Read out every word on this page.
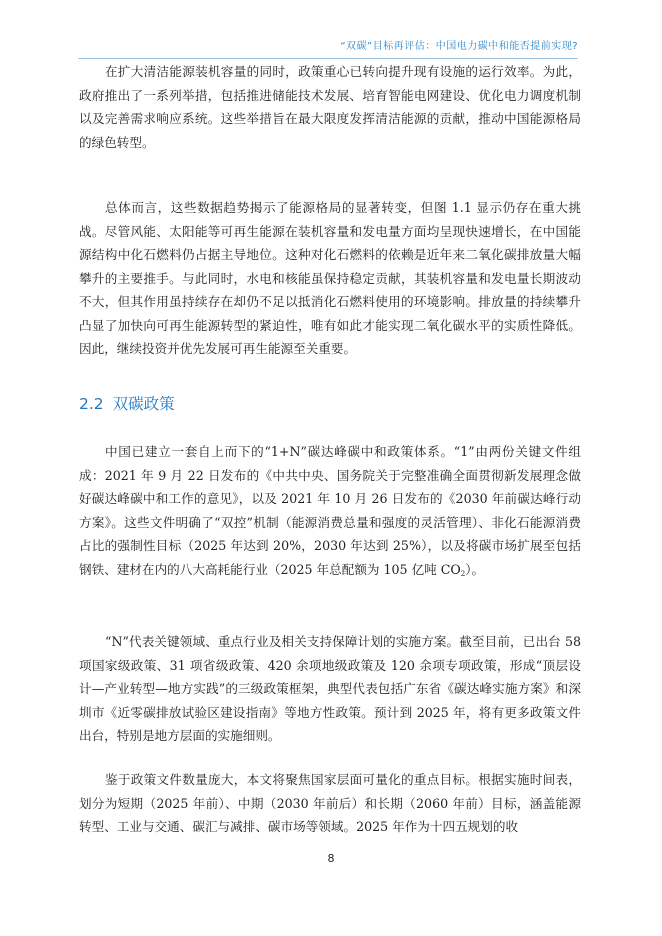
“双碳”目标再评估：中国电力碳中和能否提前实现?

在扩大清洁能源装机容量的同时，政策重心已转向提升现有设施的运行效率。为此，政府推出了一系列举措，包括推进储能技术发展、培育智能电网建设、优化电力调度机制以及完善需求响应系统。这些举措旨在最大限度发挥清洁能源的贡献，推动中国能源格局的绿色转型。

总体而言，这些数据趋势揭示了能源格局的显著转变，但图 1.1 显示仍存在重大挑战。尽管风能、太阳能等可再生能源在装机容量和发电量方面均呈现快速增长，在中国能源结构中化石燃料仍占据主导地位。这种对化石燃料的依赖是近年来二氧化碳排放量大幅攀升的主要推手。与此同时，水电和核能虽保持稳定贡献，其装机容量和发电量长期波动不大，但其作用虽持续存在却仍不足以抵消化石燃料使用的环境影响。排放量的持续攀升凸显了加快向可再生能源转型的紧迫性，唯有如此才能实现二氧化碳水平的实质性降低。因此，继续投资并优先发展可再生能源至关重要。

2.2 双碳政策

中国已建立一套自上而下的“1+N”碳达峰碳中和政策体系。“1”由两份关键文件组成：2021 年 9 月 22 日发布的《中共中央、国务院关于完整准确全面贯彻新发展理念做好碳达峰碳中和工作的意见》，以及 2021 年 10 月 26 日发布的《2030 年前碳达峰行动方案》。这些文件明确了“双控”机制（能源消费总量和强度的灵活管理）、非化石能源消费占比的强制性目标（2025 年达到 20%，2030 年达到 25%），以及将碳市场扩展至包括钢铁、建材在内的八大高耗能行业（2025 年总配额为 105 亿吨 $CO_2$）。

“N”代表关键领域、重点行业及相关支持保障计划的实施方案。截至目前，已出台 58 项国家级政策、31 项省级政策、420 余项地级政策及 120 余项专项政策，形成“顶层设计—产业转型—地方实践”的三级政策框架，典型代表包括广东省《碳达峰实施方案》和深圳市《近零碳排放试验区建设指南》等地方性政策。预计到 2025 年，将有更多政策文件出台，特别是地方层面的实施细则。

鉴于政策文件数量庞大，本文将聚焦国家层面可量化的重点目标。根据实施时间表，划分为短期（2025 年前）、中期（2030 年前后）和长期（2060 年前）目标，涵盖能源转型、工业与交通、碳汇与减排、碳市场等领域。2025 年作为十四五规划的收

8
